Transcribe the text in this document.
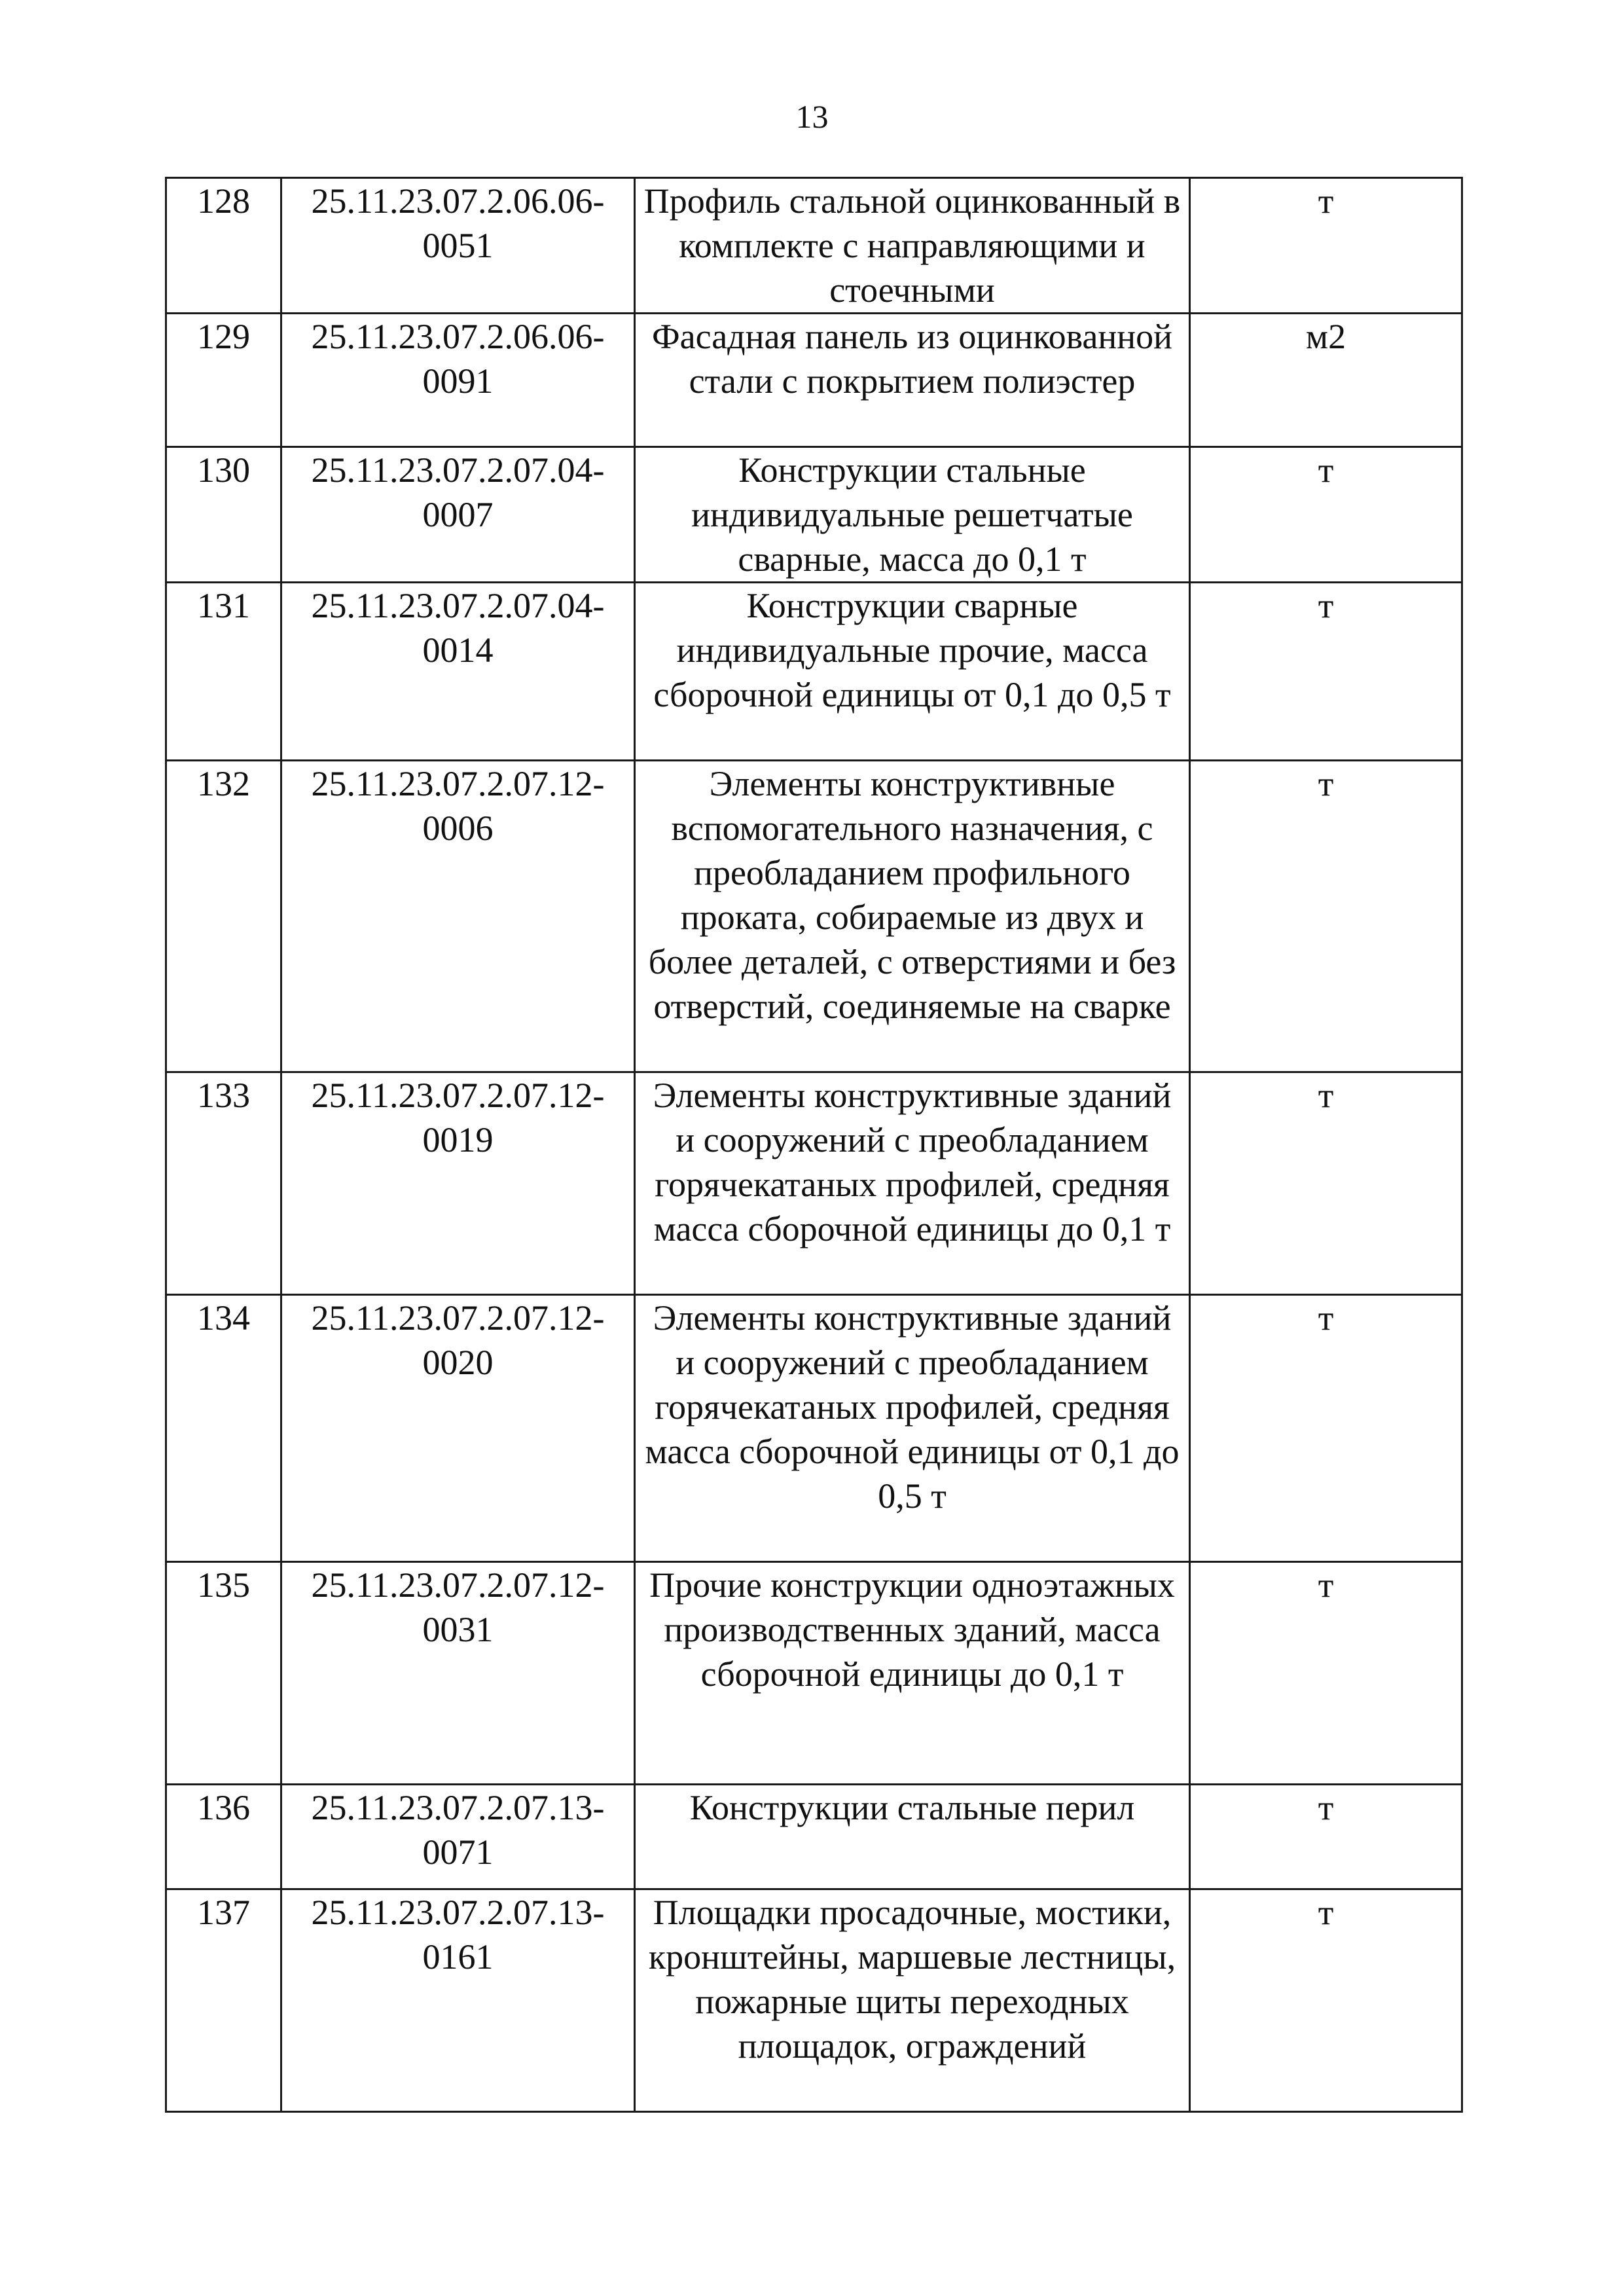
13
128	25.11.23.07.2.06.06-0051	Профиль стальной оцинкованный в комплекте с направляющими и стоечными	т
129	25.11.23.07.2.06.06-0091	Фасадная панель из оцинкованной стали с покрытием полиэстер	м2
130	25.11.23.07.2.07.04-0007	Конструкции стальные индивидуальные решетчатые сварные, масса до 0,1 т	т
131	25.11.23.07.2.07.04-0014	Конструкции сварные индивидуальные прочие, масса сборочной единицы от 0,1 до 0,5 т	т
132	25.11.23.07.2.07.12-0006	Элементы конструктивные вспомогательного назначения, с преобладанием профильного проката, собираемые из двух и более деталей, с отверстиями и без отверстий, соединяемые на сварке	т
133	25.11.23.07.2.07.12-0019	Элементы конструктивные зданий и сооружений с преобладанием горячекатаных профилей, средняя масса сборочной единицы до 0,1 т	т
134	25.11.23.07.2.07.12-0020	Элементы конструктивные зданий и сооружений с преобладанием горячекатаных профилей, средняя масса сборочной единицы от 0,1 до 0,5 т	т
135	25.11.23.07.2.07.12-0031	Прочие конструкции одноэтажных производственных зданий, масса сборочной единицы до 0,1 т	т
136	25.11.23.07.2.07.13-0071	Конструкции стальные перил	т
137	25.11.23.07.2.07.13-0161	Площадки просадочные, мостики, кронштейны, маршевые лестницы, пожарные щиты переходных площадок, ограждений	т
